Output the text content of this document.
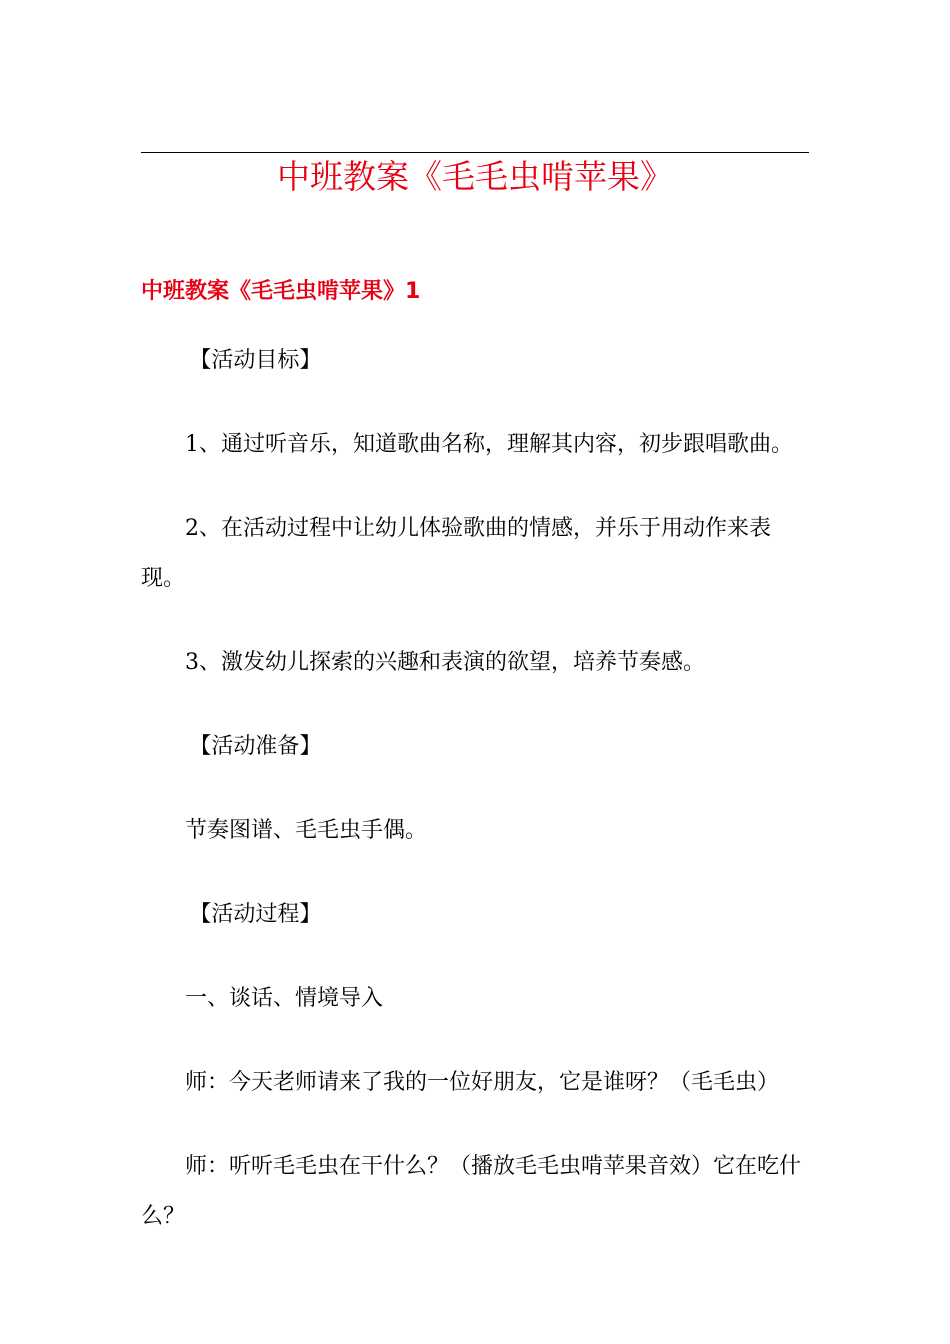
中班教案《毛毛虫啃苹果》
中班教案《毛毛虫啃苹果》1

【活动目标】

1、通过听音乐，知道歌曲名称，理解其内容，初步跟唱歌曲。

2、在活动过程中让幼儿体验歌曲的情感，并乐于用动作来表现。

3、激发幼儿探索的兴趣和表演的欲望，培养节奏感。

【活动准备】

节奏图谱、毛毛虫手偶。

【活动过程】

一、谈话、情境导入

师：今天老师请来了我的一位好朋友，它是谁呀？（毛毛虫）

师：听听毛毛虫在干什么？（播放毛毛虫啃苹果音效）它在吃什么？
